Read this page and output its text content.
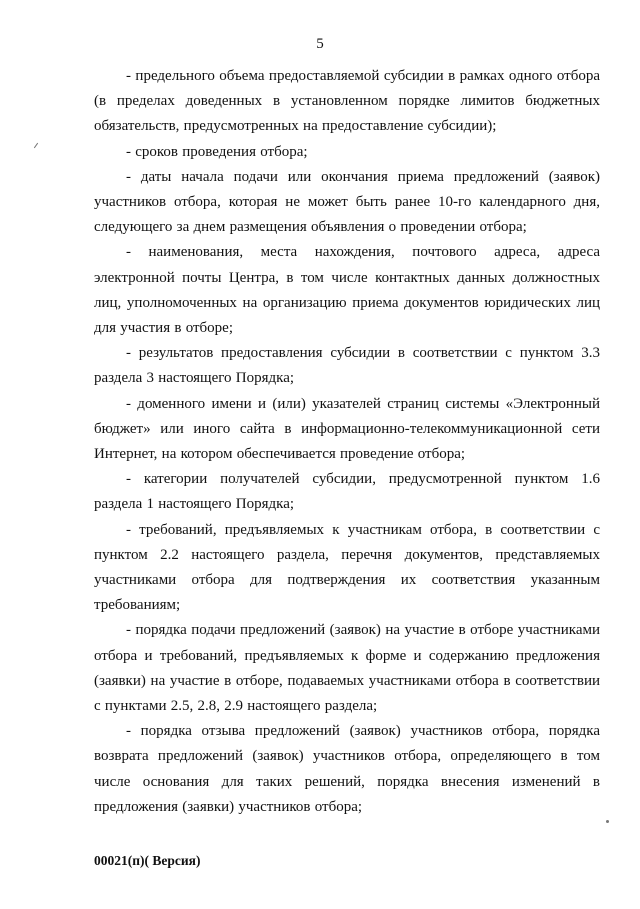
5

- предельного объема предоставляемой субсидии в рамках одного отбора (в пределах доведенных в установленном порядке лимитов бюджетных обязательств, предусмотренных на предоставление субсидии);

- сроков проведения отбора;

- даты начала подачи или окончания приема предложений (заявок) участников отбора, которая не может быть ранее 10-го календарного дня, следующего за днем размещения объявления о проведении отбора;

- наименования, места нахождения, почтового адреса, адреса электронной почты Центра, в том числе контактных данных должностных лиц, уполномоченных на организацию приема документов юридических лиц для участия в отборе;

- результатов предоставления субсидии в соответствии с пунктом 3.3 раздела 3 настоящего Порядка;

- доменного имени и (или) указателей страниц системы «Электронный бюджет» или иного сайта в информационно-телекоммуникационной сети Интернет, на котором обеспечивается проведение отбора;

- категории получателей субсидии, предусмотренной пунктом 1.6 раздела 1 настоящего Порядка;

- требований, предъявляемых к участникам отбора, в соответствии с пунктом 2.2 настоящего раздела, перечня документов, представляемых участниками отбора для подтверждения их соответствия указанным требованиям;

- порядка подачи предложений (заявок) на участие в отборе участниками отбора и требований, предъявляемых к форме и содержанию предложения (заявки) на участие в отборе, подаваемых участниками отбора в соответствии с пунктами 2.5, 2.8, 2.9 настоящего раздела;

- порядка отзыва предложений (заявок) участников отбора, порядка возврата предложений (заявок) участников отбора, определяющего в том числе основания для таких решений, порядка внесения изменений в предложения (заявки) участников отбора;

00021(п)( Версия)
